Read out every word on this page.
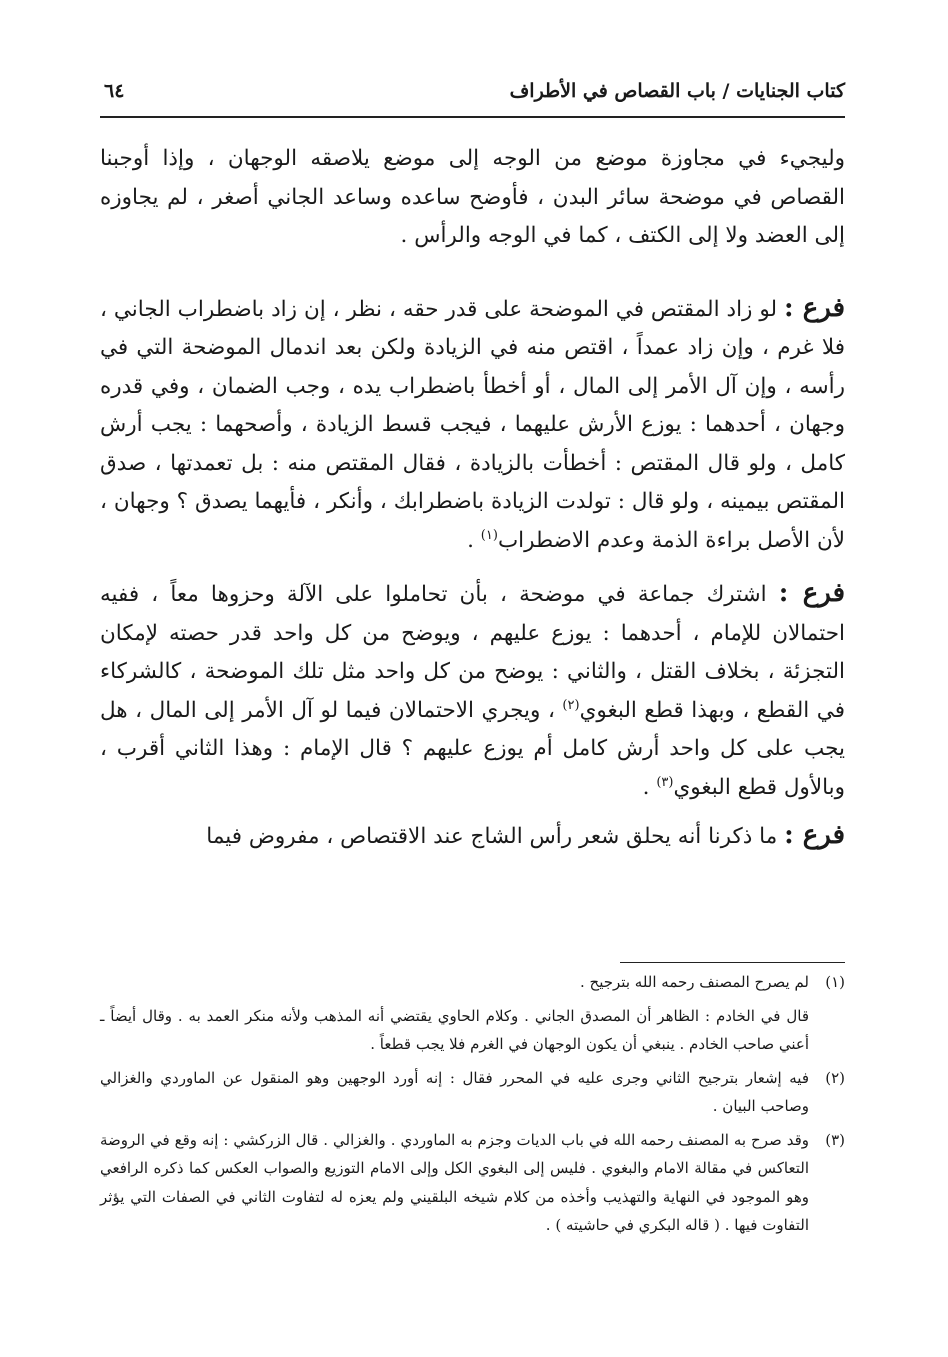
كتاب الجنايات / باب القصاص في الأطراف
٦٤

وليجيء في مجاوزة موضع من الوجه إلى موضع يلاصقه الوجهان ، وإذا أوجبنا القصاص في موضحة سائر البدن ، فأوضح ساعده وساعد الجاني أصغر ، لم يجاوزه إلى العضد ولا إلى الكتف ، كما في الوجه والرأس .

فرع : لو زاد المقتص في الموضحة على قدر حقه ، نظر ، إن زاد باضطراب الجاني ، فلا غرم ، وإن زاد عمداً ، اقتص منه في الزيادة ولكن بعد اندمال الموضحة التي في رأسه ، وإن آل الأمر إلى المال ، أو أخطأ باضطراب يده ، وجب الضمان ، وفي قدره وجهان ، أحدهما : يوزع الأرش عليهما ، فيجب قسط الزيادة ، وأصحهما : يجب أرش كامل ، ولو قال المقتص : أخطأت بالزيادة ، فقال المقتص منه : بل تعمدتها ، صدق المقتص بيمينه ، ولو قال : تولدت الزيادة باضطرابك ، وأنكر ، فأيهما يصدق ؟ وجهان ، لأن الأصل براءة الذمة وعدم الاضطراب$^{(١)}$ .

فرع : اشترك جماعة في موضحة ، بأن تحاملوا على الآلة وحزوها معاً ، ففيه احتمالان للإمام ، أحدهما : يوزع عليهم ، ويوضح من كل واحد قدر حصته لإمكان التجزئة ، بخلاف القتل ، والثاني : يوضح من كل واحد مثل تلك الموضحة ، كالشركاء في القطع ، وبهذا قطع البغوي$^{(٢)}$ ، ويجري الاحتمالان فيما لو آل الأمر إلى المال ، هل يجب على كل واحد أرش كامل أم يوزع عليهم ؟ قال الإمام : وهذا الثاني أقرب ، وبالأول قطع البغوي$^{(٣)}$ .

فرع : ما ذكرنا أنه يحلق شعر رأس الشاج عند الاقتصاص ، مفروض فيما

(١)

لم يصرح المصنف رحمه الله بترجيح .

قال في الخادم : الظاهر أن المصدق الجاني . وكلام الحاوي يقتضي أنه المذهب ولأنه منكر العمد به . وقال أيضاً ـ أعني صاحب الخادم . ينبغي أن يكون الوجهان في الغرم فلا يجب قطعاً .

(٢)

فيه إشعار بترجيح الثاني وجرى عليه في المحرر فقال : إنه أورد الوجهين وهو المنقول عن الماوردي والغزالي وصاحب البيان .

(٣)

وقد صرح به المصنف رحمه الله في باب الديات وجزم به الماوردي . والغزالي . قال الزركشي : إنه وقع في الروضة التعاكس في مقالة الامام والبغوي . فليس إلى البغوي الكل وإلى الامام التوزيع والصواب العكس كما ذكره الرافعي وهو الموجود في النهاية والتهذيب وأخذه من كلام شيخه البلقيني ولم يعزه له لتفاوت الثاني في الصفات التي يؤثر التفاوت فيها . ( قاله البكري في حاشيته ) .
